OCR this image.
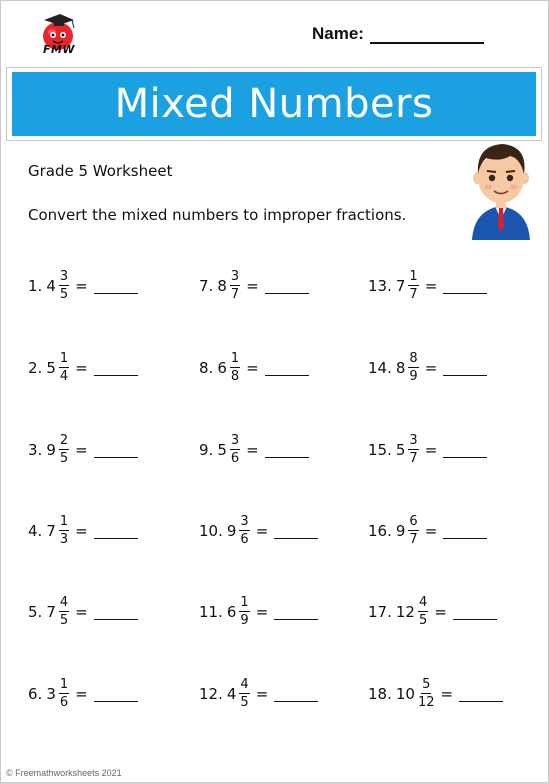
FMW
Name:
Mixed Numbers
Grade 5 Worksheet
Convert the mixed numbers to improper fractions.
1. $4 \frac{3}{5}$ =
2. $5 \frac{1}{4}$ =
3. $9 \frac{2}{5}$ =
4. $7 \frac{1}{3}$ =
5. $7 \frac{4}{5}$ =
6. $3 \frac{1}{6}$ =
7. $8 \frac{3}{7}$ =
8. $6 \frac{1}{8}$ =
9. $5 \frac{3}{6}$ =
10. $9 \frac{3}{6}$ =
11. $6 \frac{1}{9}$ =
12. $4 \frac{4}{5}$ =
13. $7 \frac{1}{7}$ =
14. $8 \frac{8}{9}$ =
15. $5 \frac{3}{7}$ =
16. $9 \frac{6}{7}$ =
17. $12 \frac{4}{5}$ =
18. $10 \frac{5}{12}$ =
© Freemathworksheets 2021
